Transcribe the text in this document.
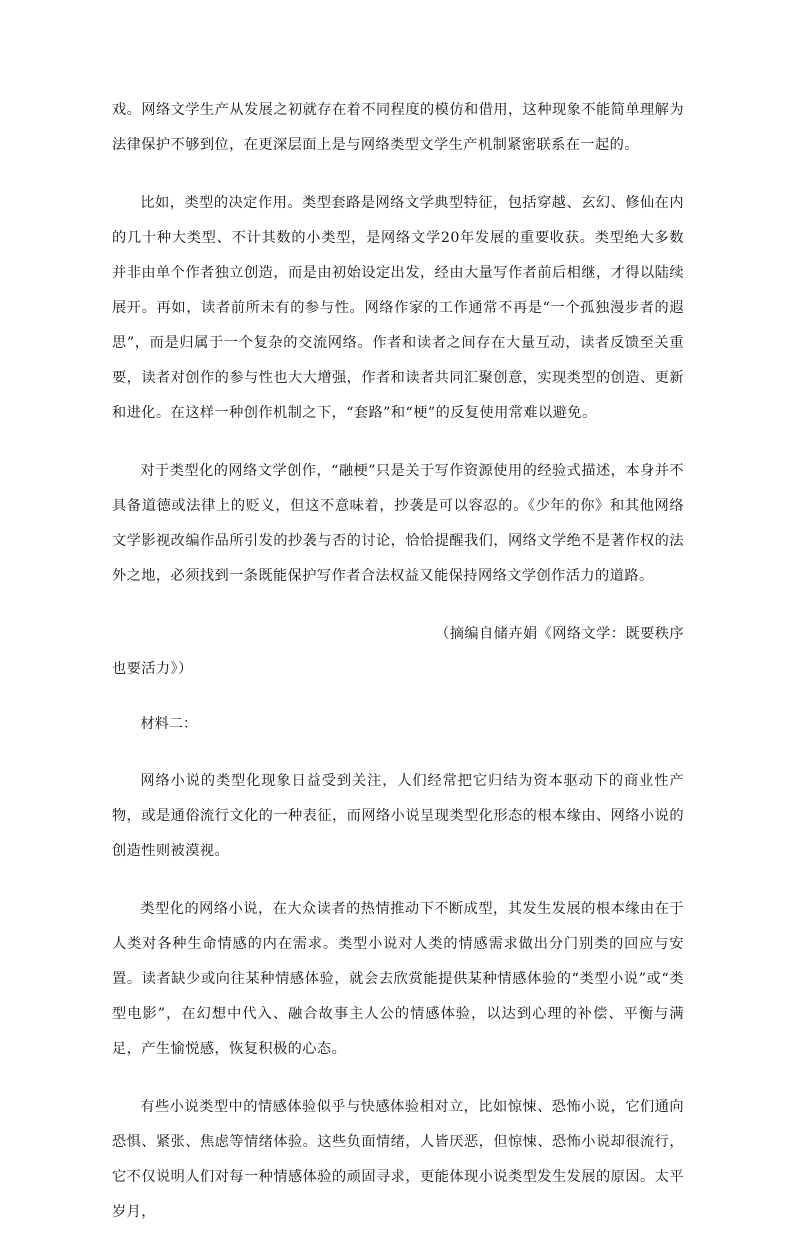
戏。网络文学生产从发展之初就存在着不同程度的模仿和借用，这种现象不能简单理解为法律保护不够到位，在更深层面上是与网络类型文学生产机制紧密联系在一起的。

比如，类型的决定作用。类型套路是网络文学典型特征，包括穿越、玄幻、修仙在内的几十种大类型、不计其数的小类型，是网络文学20年发展的重要收获。类型绝大多数并非由单个作者独立创造，而是由初始设定出发，经由大量写作者前后相继，才得以陆续展开。再如，读者前所未有的参与性。网络作家的工作通常不再是“一个孤独漫步者的遐思”，而是归属于一个复杂的交流网络。作者和读者之间存在大量互动，读者反馈至关重要，读者对创作的参与性也大大增强，作者和读者共同汇聚创意，实现类型的创造、更新和进化。在这样一种创作机制之下，“套路”和“梗”的反复使用常难以避免。

对于类型化的网络文学创作，“融梗”只是关于写作资源使用的经验式描述，本身并不具备道德或法律上的贬义，但这不意味着，抄袭是可以容忍的。《少年的你》和其他网络文学影视改编作品所引发的抄袭与否的讨论，恰恰提醒我们，网络文学绝不是著作权的法外之地，必须找到一条既能保护写作者合法权益又能保持网络文学创作活力的道路。

（摘编自储卉娟《网络文学：既要秩序
也要活力》）

材料二：

网络小说的类型化现象日益受到关注，人们经常把它归结为资本驱动下的商业性产物，或是通俗流行文化的一种表征，而网络小说呈现类型化形态的根本缘由、网络小说的创造性则被漠视。

类型化的网络小说，在大众读者的热情推动下不断成型，其发生发展的根本缘由在于人类对各种生命情感的内在需求。类型小说对人类的情感需求做出分门别类的回应与安置。读者缺少或向往某种情感体验，就会去欣赏能提供某种情感体验的“类型小说”或“类型电影”，在幻想中代入、融合故事主人公的情感体验，以达到心理的补偿、平衡与满足，产生愉悦感，恢复积极的心态。

有些小说类型中的情感体验似乎与快感体验相对立，比如惊悚、恐怖小说，它们通向恐惧、紧张、焦虑等情绪体验。这些负面情绪，人皆厌恶，但惊悚、恐怖小说却很流行，它不仅说明人们对每一种情感体验的顽固寻求，更能体现小说类型发生发展的原因。太平岁月，
